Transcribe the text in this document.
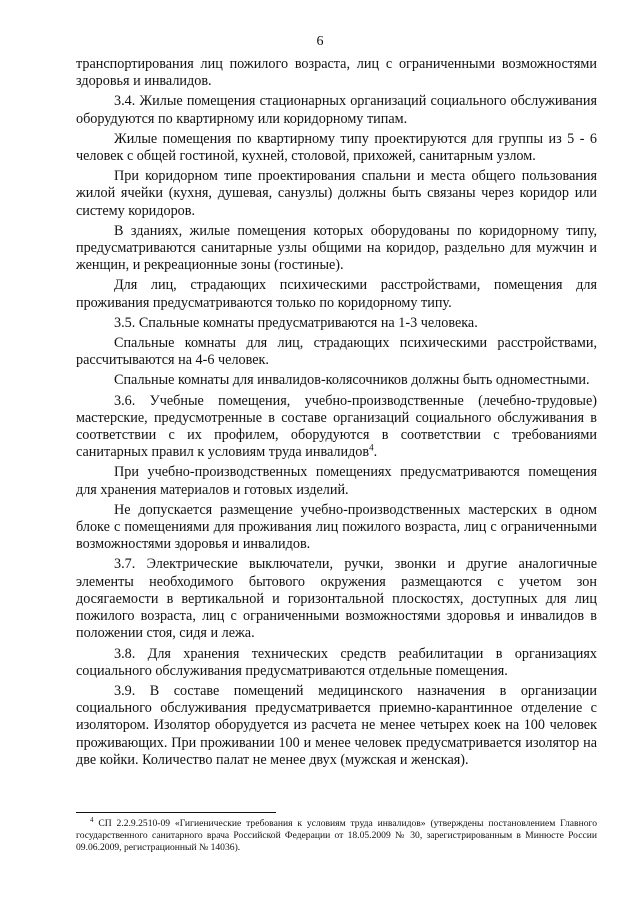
6

транспортирования лиц пожилого возраста, лиц с ограниченными возможностями здоровья и инвалидов.

3.4. Жилые помещения стационарных организаций социального обслуживания оборудуются по квартирному или коридорному типам.

Жилые помещения по квартирному типу проектируются для группы из 5 - 6 человек с общей гостиной, кухней, столовой, прихожей, санитарным узлом.

При коридорном типе проектирования спальни и места общего пользования жилой ячейки (кухня, душевая, санузлы) должны быть связаны через коридор или систему коридоров.

В зданиях, жилые помещения которых оборудованы по коридорному типу, предусматриваются санитарные узлы общими на коридор, раздельно для мужчин и женщин, и рекреационные зоны (гостиные).

Для лиц, страдающих психическими расстройствами, помещения для проживания предусматриваются только по коридорному типу.

3.5. Спальные комнаты предусматриваются на 1-3 человека.

Спальные комнаты для лиц, страдающих психическими расстройствами, рассчитываются на 4-6 человек.

Спальные комнаты для инвалидов-колясочников должны быть одноместными.

3.6. Учебные помещения, учебно-производственные (лечебно-трудовые) мастерские, предусмотренные в составе организаций социального обслуживания в соответствии с их профилем, оборудуются в соответствии с требованиями санитарных правил к условиям труда инвалидов$^4$.

При учебно-производственных помещениях предусматриваются помещения для хранения материалов и готовых изделий.

Не допускается размещение учебно-производственных мастерских в одном блоке с помещениями для проживания лиц пожилого возраста, лиц с ограниченными возможностями здоровья и инвалидов.

3.7. Электрические выключатели, ручки, звонки и другие аналогичные элементы необходимого бытового окружения размещаются с учетом зон досягаемости в вертикальной и горизонтальной плоскостях, доступных для лиц пожилого возраста, лиц с ограниченными возможностями здоровья и инвалидов в положении стоя, сидя и лежа.

3.8. Для хранения технических средств реабилитации в организациях социального обслуживания предусматриваются отдельные помещения.

3.9. В составе помещений медицинского назначения в организации социального обслуживания предусматривается приемно-карантинное отделение с изолятором. Изолятор оборудуется из расчета не менее четырех коек на 100 человек проживающих. При проживании 100 и менее человек предусматривается изолятор на две койки. Количество палат не менее двух (мужская и женская).

$^4$ СП 2.2.9.2510-09 «Гигиенические требования к условиям труда инвалидов» (утверждены постановлением Главного государственного санитарного врача Российской Федерации от 18.05.2009 № 30, зарегистрированным в Минюсте России 09.06.2009, регистрационный № 14036).
